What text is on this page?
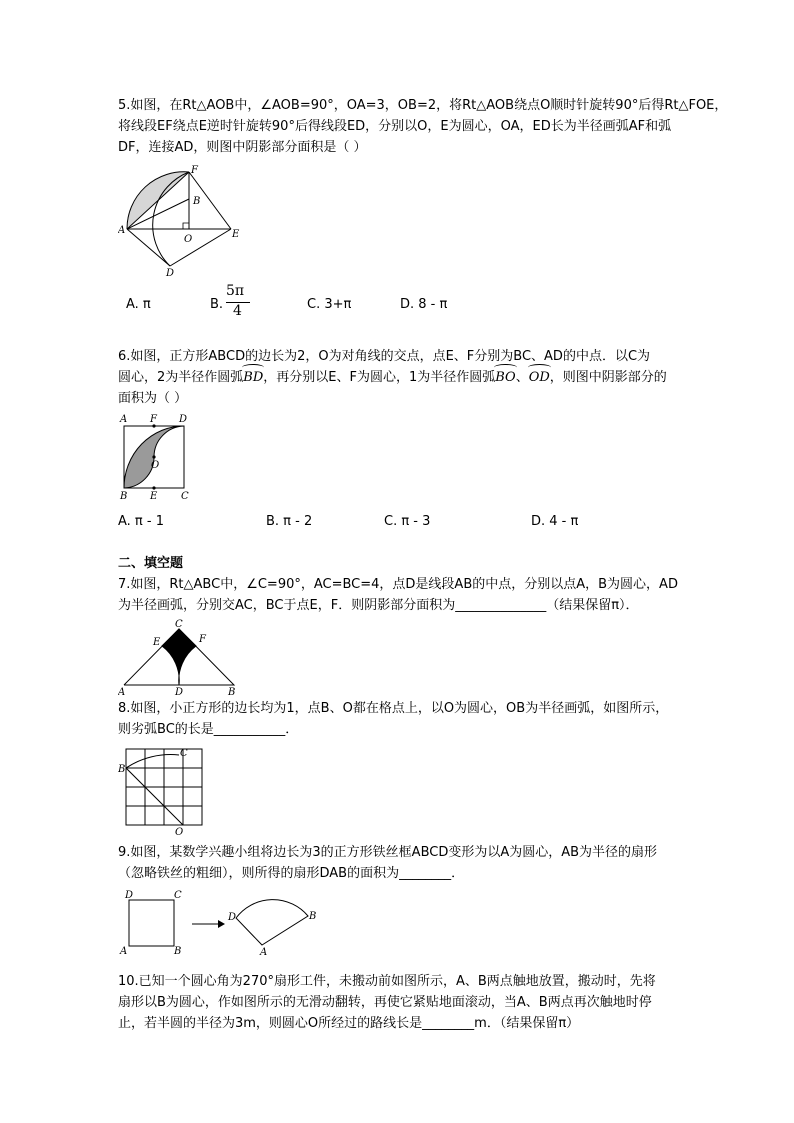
5.如图，在Rt△AOB中，∠AOB=90°，OA=3，OB=2，将Rt△AOB绕点O顺时针旋转90°后得Rt△FOE，
将线段EF绕点E逆时针旋转90°后得线段ED，分别以O，E为圆心，OA，ED长为半径画弧AF和弧
DF，连接AD，则图中阴影部分面积是（ ）
F
B
A
O	E
D
A. π	B.
5π
4	C. 3+π	D. 8 - π
6.如图，正方形ABCD的边长为2，O为对角线的交点，点E、F分别为BC、AD的中点．以C为
圆心，2为半径作圆弧BD，再分别以E、F为圆心，1为半径作圆弧BO、OD，则图中阴影部分的
面积为（ ）
A F D
O
B E C
A. π - 1	B. π - 2	C. π - 3	D. 4 - π
二、填空题
7.如图，Rt△ABC中，∠C=90°，AC=BC=4，点D是线段AB的中点，分别以点A，B为圆心，AD
为半径画弧，分别交AC，BC于点E，F．则阴影部分面积为______________（结果保留π）．
C
E	F
A	D	B
8.如图，小正方形的边长均为1，点B、O都在格点上，以O为圆心，OB为半径画弧，如图所示，
则劣弧BC的长是___________．
B
C
O
9.如图，某数学兴趣小组将边长为3的正方形铁丝框ABCD变形为以A为圆心，AB为半径的扇形
（忽略铁丝的粗细），则所得的扇形DAB的面积为________．
D	C
A	B
D	B
A
10.已知一个圆心角为270°扇形工件，未搬动前如图所示，A、B两点触地放置，搬动时，先将
扇形以B为圆心，作如图所示的无滑动翻转，再使它紧贴地面滚动，当A、B两点再次触地时停
止，若半圆的半径为3m，则圆心O所经过的路线长是________m．（结果保留π）
